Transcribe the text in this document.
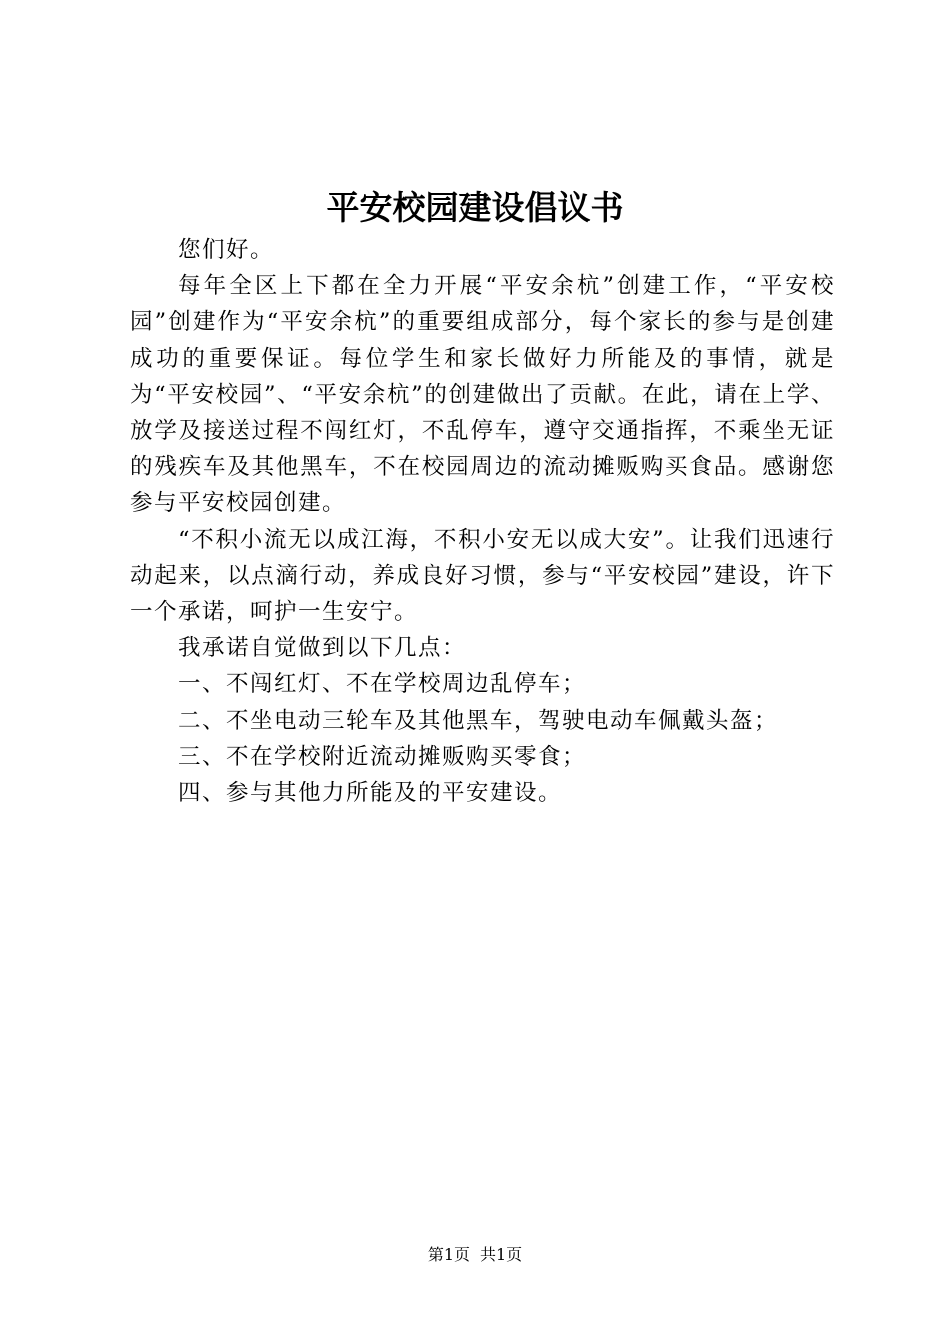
平安校园建设倡议书

您们好。

每年全区上下都在全力开展“平安余杭”创建工作，“平安校园”创建作为“平安余杭”的重要组成部分，每个家长的参与是创建成功的重要保证。每位学生和家长做好力所能及的事情，就是为“平安校园”、“平安余杭”的创建做出了贡献。在此，请在上学、放学及接送过程不闯红灯，不乱停车，遵守交通指挥，不乘坐无证的残疾车及其他黑车，不在校园周边的流动摊贩购买食品。感谢您参与平安校园创建。

“不积小流无以成江海，不积小安无以成大安”。让我们迅速行动起来，以点滴行动，养成良好习惯，参与“平安校园”建设，许下一个承诺，呵护一生安宁。

我承诺自觉做到以下几点：

一、不闯红灯、不在学校周边乱停车；

二、不坐电动三轮车及其他黑车，驾驶电动车佩戴头盔；

三、不在学校附近流动摊贩购买零食；

四、参与其他力所能及的平安建设。

第1页 共1页
